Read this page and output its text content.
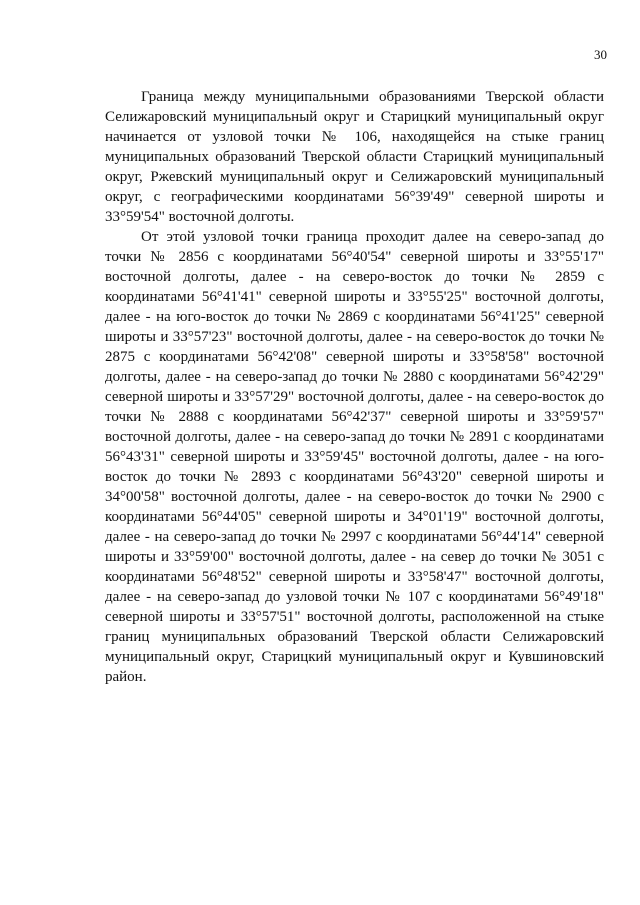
30

Граница между муниципальными образованиями Тверской области Селижаровский муниципальный округ и Старицкий муниципальный округ начинается от узловой точки № 106, находящейся на стыке границ муниципальных образований Тверской области Старицкий муниципальный округ, Ржевский муниципальный округ и Селижаровский муниципальный округ, с географическими координатами 56°39'49" северной широты и 33°59'54" восточной долготы.

От этой узловой точки граница проходит далее на северо-запад до точки № 2856 с координатами 56°40'54" северной широты и 33°55'17" восточной долготы, далее - на северо-восток до точки № 2859 с координатами 56°41'41" северной широты и 33°55'25" восточной долготы, далее - на юго-восток до точки № 2869 с координатами 56°41'25" северной широты и 33°57'23" восточной долготы, далее - на северо-восток до точки № 2875 с координатами 56°42'08" северной широты и 33°58'58" восточной долготы, далее - на северо-запад до точки № 2880 с координатами 56°42'29" северной широты и 33°57'29" восточной долготы, далее - на северо-восток до точки № 2888 с координатами 56°42'37" северной широты и 33°59'57" восточной долготы, далее - на северо-запад до точки № 2891 с координатами 56°43'31" северной широты и 33°59'45" восточной долготы, далее - на юго-восток до точки № 2893 с координатами 56°43'20" северной широты и 34°00'58" восточной долготы, далее - на северо-восток до точки № 2900 с координатами 56°44'05" северной широты и 34°01'19" восточной долготы, далее - на северо-запад до точки № 2997 с координатами 56°44'14" северной широты и 33°59'00" восточной долготы, далее - на север до точки № 3051 с координатами 56°48'52" северной широты и 33°58'47" восточной долготы, далее - на северо-запад до узловой точки № 107 с координатами 56°49'18" северной широты и 33°57'51" восточной долготы, расположенной на стыке границ муниципальных образований Тверской области Селижаровский муниципальный округ, Старицкий муниципальный округ и Кувшиновский район.
